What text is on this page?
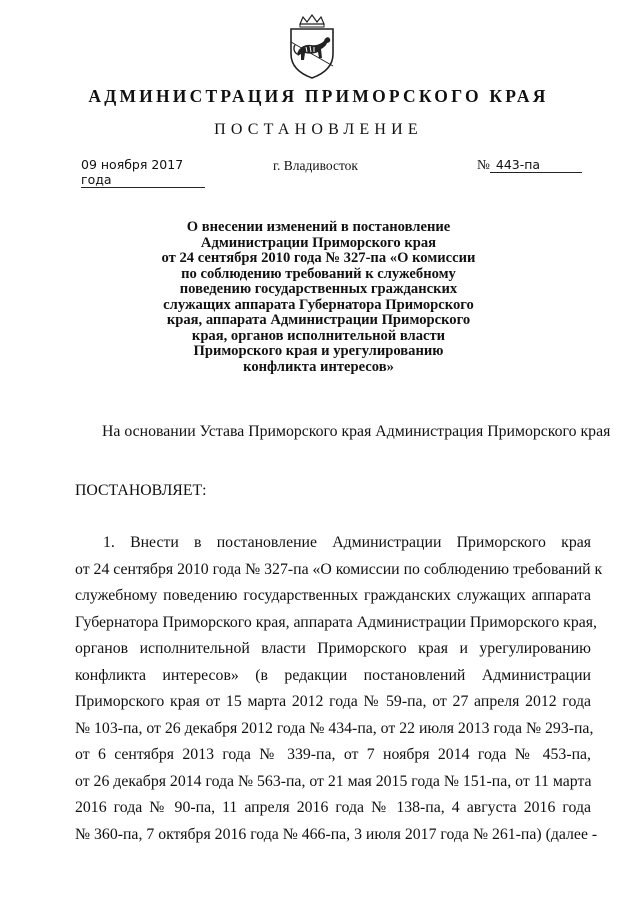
АДМИНИСТРАЦИЯ ПРИМОРСКОГО КРАЯ
ПОСТАНОВЛЕНИЕ
09 ноября 2017 года
г. Владивосток	№ 443-па
О внесении изменений в постановление
Администрации Приморского края
от 24 сентября 2010 года № 327-па «О комиссии
по соблюдению требований к служебному
поведению государственных гражданских
служащих аппарата Губернатора Приморского
края, аппарата Администрации Приморского
края, органов исполнительной власти
Приморского края и урегулированию
конфликта интересов»
На основании Устава Приморского края Администрация Приморского края
ПОСТАНОВЛЯЕТ:
1. Внести в постановление Администрации Приморского края
от 24 сентября 2010 года № 327-па «О комиссии по соблюдению требований к
служебному поведению государственных гражданских служащих аппарата
Губернатора Приморского края, аппарата Администрации Приморского края,
органов исполнительной власти Приморского края и урегулированию
конфликта интересов» (в редакции постановлений Администрации
Приморского края от 15 марта 2012 года № 59-па, от 27 апреля 2012 года
№ 103-па, от 26 декабря 2012 года № 434-па, от 22 июля 2013 года № 293-па,
от 6 сентября 2013 года № 339-па, от 7 ноября 2014 года № 453-па,
от 26 декабря 2014 года № 563-па, от 21 мая 2015 года № 151-па, от 11 марта
2016 года № 90-па, 11 апреля 2016 года № 138-па, 4 августа 2016 года
№ 360-па, 7 октября 2016 года № 466-па, 3 июля 2017 года № 261-па) (далее -
